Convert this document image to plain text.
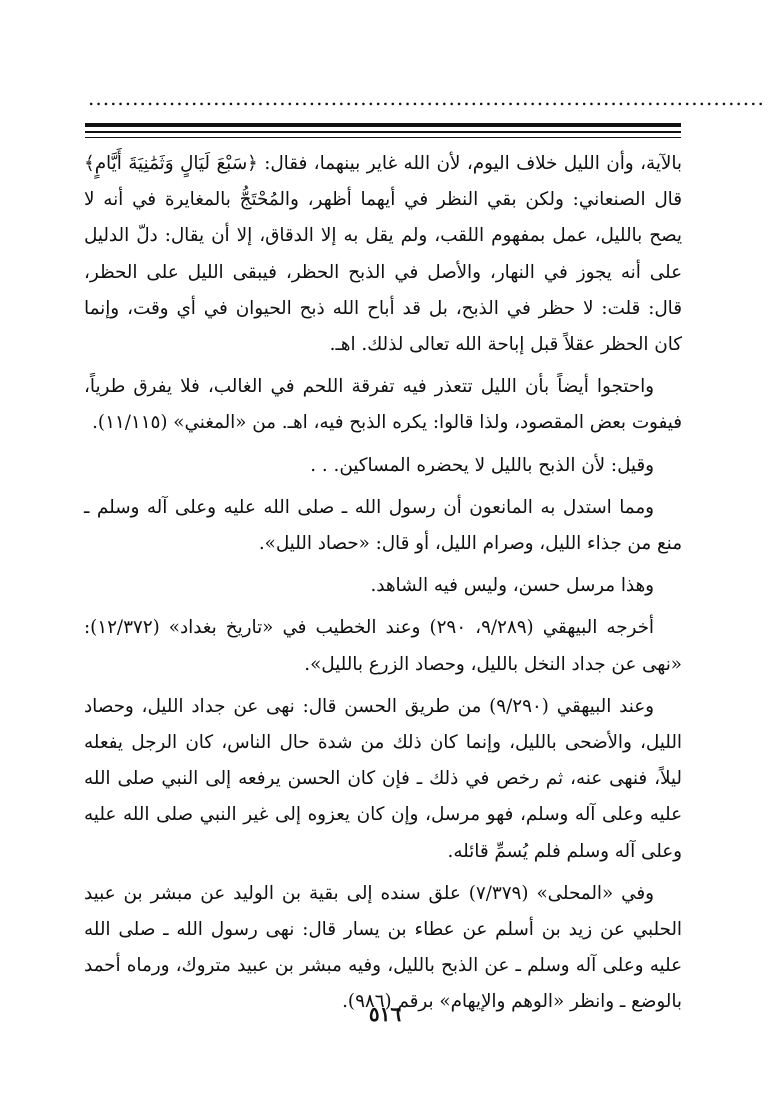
............................................................................................

بالآية، وأن الليل خلاف اليوم، لأن الله غاير بينهما، فقال: ﴿سَبْعَ لَيَالٍ وَثَمَٰنِيَةَ أَيَّامٍ﴾ قال الصنعاني: ولكن بقي النظر في أيهما أظهر، والمُحْتَجُّ بالمغايرة في أنه لا يصح بالليل، عمل بمفهوم اللقب، ولم يقل به إلا الدقاق، إلا أن يقال: دلّ الدليل على أنه يجوز في النهار، والأصل في الذبح الحظر، فيبقى الليل على الحظر، قال: قلت: لا حظر في الذبح، بل قد أباح الله ذبح الحيوان في أي وقت، وإنما كان الحظر عقلاً قبل إباحة الله تعالى لذلك. اهـ.

واحتجوا أيضاً بأن الليل تتعذر فيه تفرقة اللحم في الغالب، فلا يفرق طرياً، فيفوت بعض المقصود، ولذا قالوا: يكره الذبح فيه، اهـ. من «المغني» (١١/١١٥).

وقيل: لأن الذبح بالليل لا يحضره المساكين. . .

ومما استدل به المانعون أن رسول الله ـ صلى الله عليه وعلى آله وسلم ـ منع من جذاء الليل، وصرام الليل، أو قال: «حصاد الليل».

وهذا مرسل حسن، وليس فيه الشاهد.

أخرجه البيهقي (٩/٢٨٩، ٢٩٠) وعند الخطيب في «تاريخ بغداد» (١٢/٣٧٢): «نهى عن جداد النخل بالليل، وحصاد الزرع بالليل».

وعند البيهقي (٩/٢٩٠) من طريق الحسن قال: نهى عن جداد الليل، وحصاد الليل، والأضحى بالليل، وإنما كان ذلك من شدة حال الناس، كان الرجل يفعله ليلاً، فنهى عنه، ثم رخص في ذلك ـ فإن كان الحسن يرفعه إلى النبي صلى الله عليه وعلى آله وسلم، فهو مرسل، وإن كان يعزوه إلى غير النبي صلى الله عليه وعلى آله وسلم فلم يُسمِّ قائله.

وفي «المحلى» (٧/٣٧٩) علق سنده إلى بقية بن الوليد عن مبشر بن عبيد الحلبي عن زيد بن أسلم عن عطاء بن يسار قال: نهى رسول الله ـ صلى الله عليه وعلى آله وسلم ـ عن الذبح بالليل، وفيه مبشر بن عبيد متروك، ورماه أحمد بالوضع ـ وانظر «الوهم والإيهام» برقم (٩٨٦).

٥١٦
